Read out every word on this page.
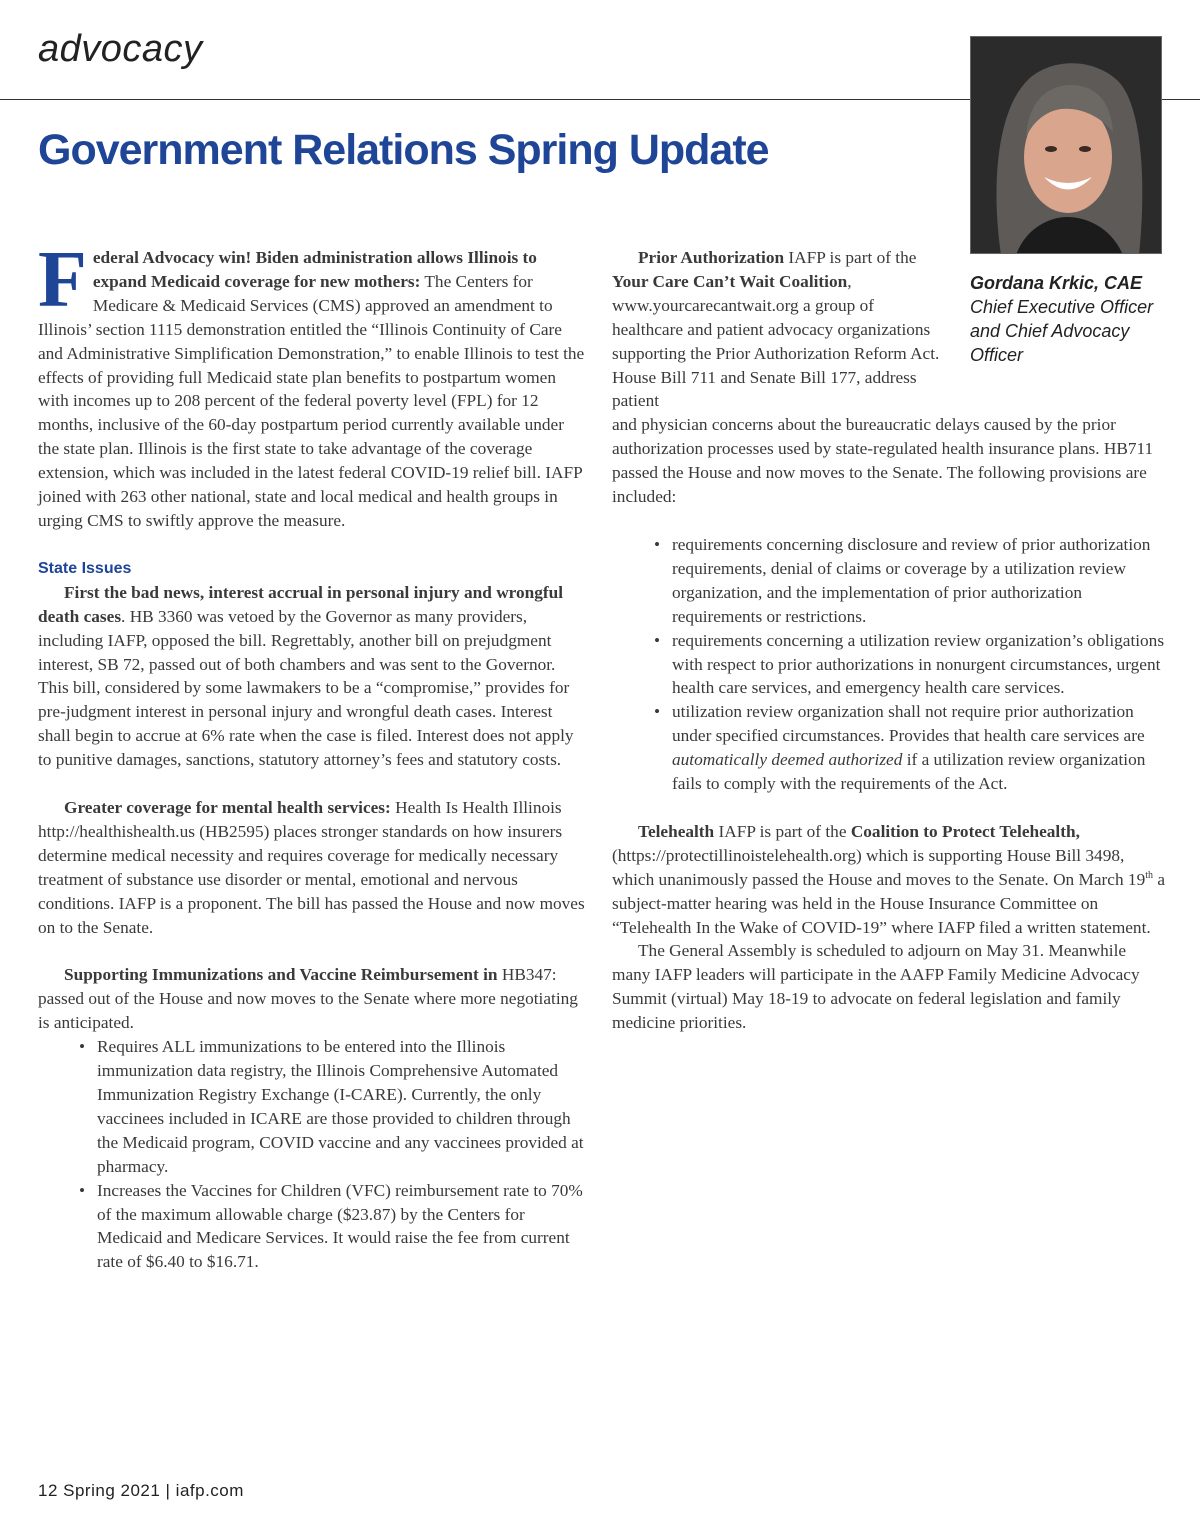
advocacy
Government Relations Spring Update
Gordana Krkic, CAE
Chief Executive Officer and Chief Advocacy Officer

Federal Advocacy win! Biden administration allows Illinois to expand Medicaid coverage for new mothers: The Centers for Medicare & Medicaid Services (CMS) approved an amendment to Illinois’ section 1115 demonstration entitled the “Illinois Continuity of Care and Administrative Simplification Demonstration,” to enable Illinois to test the effects of providing full Medicaid state plan benefits to postpartum women with incomes up to 208 percent of the federal poverty level (FPL) for 12 months, inclusive of the 60-day postpartum period currently available under the state plan. Illinois is the first state to take advantage of the coverage extension, which was included in the latest federal COVID-19 relief bill. IAFP joined with 263 other national, state and local medical and health groups in urging CMS to swiftly approve the measure.

State Issues

First the bad news, interest accrual in personal injury and wrongful death cases. HB 3360 was vetoed by the Governor as many providers, including IAFP, opposed the bill. Regrettably, another bill on prejudgment interest, SB 72, passed out of both chambers and was sent to the Governor. This bill, considered by some lawmakers to be a “compromise,” provides for pre-judgment interest in personal injury and wrongful death cases. Interest shall begin to accrue at 6% rate when the case is filed. Interest does not apply to punitive damages, sanctions, statutory attorney’s fees and statutory costs.

Greater coverage for mental health services: Health Is Health Illinois http://healthishealth.us (HB2595) places stronger standards on how insurers determine medical necessity and requires coverage for medically necessary treatment of substance use disorder or mental, emotional and nervous conditions. IAFP is a proponent. The bill has passed the House and now moves on to the Senate.

Supporting Immunizations and Vaccine Reimbursement in HB347: passed out of the House and now moves to the Senate where more negotiating is anticipated.

• Requires ALL immunizations to be entered into the Illinois immunization data registry, the Illinois Comprehensive Automated Immunization Registry Exchange (I-CARE). Currently, the only vaccinees included in ICARE are those provided to children through the Medicaid program, COVID vaccine and any vaccinees provided at pharmacy.
• Increases the Vaccines for Children (VFC) reimbursement rate to 70% of the maximum allowable charge ($23.87) by the Centers for Medicaid and Medicare Services. It would raise the fee from current rate of $6.40 to $16.71.

Prior Authorization IAFP is part of the Your Care Can’t Wait Coalition, www.yourcarecantwait.org a group of healthcare and patient advocacy organizations supporting the Prior Authorization Reform Act. House Bill 711 and Senate Bill 177, address patient

and physician concerns about the bureaucratic delays caused by the prior authorization processes used by state-regulated health insurance plans. HB711 passed the House and now moves to the Senate. The following provisions are included:

• requirements concerning disclosure and review of prior authorization requirements, denial of claims or coverage by a utilization review organization, and the implementation of prior authorization requirements or restrictions.
• requirements concerning a utilization review organization’s obligations with respect to prior authorizations in nonurgent circumstances, urgent health care services, and emergency health care services.
• utilization review organization shall not require prior authorization under specified circumstances. Provides that health care services are automatically deemed authorized if a utilization review organization fails to comply with the requirements of the Act.

Telehealth IAFP is part of the Coalition to Protect Telehealth, (https://protectillinoistelehealth.org) which is supporting House Bill 3498, which unanimously passed the House and moves to the Senate. On March 19th a subject-matter hearing was held in the House Insurance Committee on “Telehealth In the Wake of COVID-19” where IAFP filed a written statement.

The General Assembly is scheduled to adjourn on May 31. Meanwhile many IAFP leaders will participate in the AAFP Family Medicine Advocacy Summit (virtual) May 18-19 to advocate on federal legislation and family medicine priorities.

12 Spring 2021 | iafp.com
